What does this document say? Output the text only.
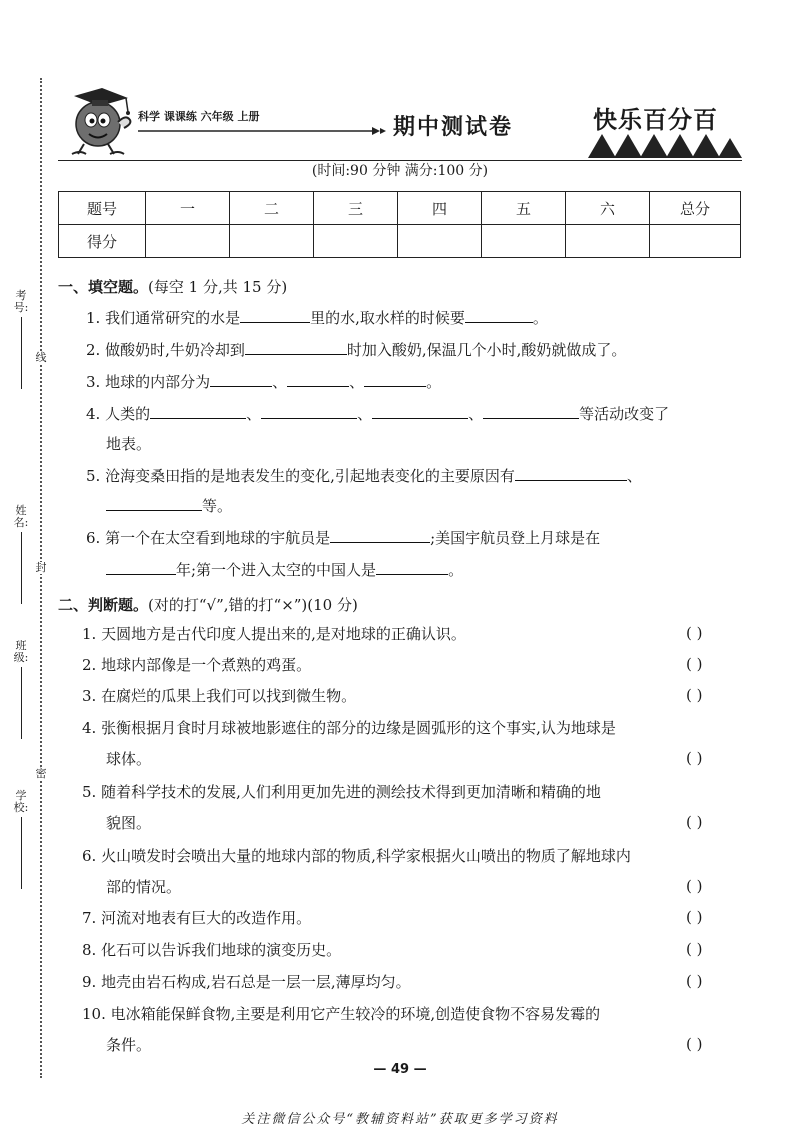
考号:
姓名:
班级:
学校:
线
封
密
科学 课课练 六年级 上册	期中测试卷	快乐百分百
(时间:90 分钟 满分:100 分)
题号	一	二	三	四	五	六	总分
得分							
一、填空题。(每空 1 分,共 15 分)
1. 我们通常研究的水是	里的水,取水样的时候要	。
2. 做酸奶时,牛奶冷却到	时加入酸奶,保温几个小时,酸奶就做成了。
3. 地球的内部分为	、	、	。
4. 人类的	、	、	、	等活动改变了
地表。
5. 沧海变桑田指的是地表发生的变化,引起地表变化的主要原因有	、
等。
6. 第一个在太空看到地球的宇航员是	;美国宇航员登上月球是在
年;第一个进入太空的中国人是	。
二、判断题。(对的打“√”,错的打“×”)(10 分)
1. 天圆地方是古代印度人提出来的,是对地球的正确认识。	( )
2. 地球内部像是一个煮熟的鸡蛋。	( )
3. 在腐烂的瓜果上我们可以找到微生物。	( )
4. 张衡根据月食时月球被地影遮住的部分的边缘是圆弧形的这个事实,认为地球是
球体。	( )
5. 随着科学技术的发展,人们利用更加先进的测绘技术得到更加清晰和精确的地
貌图。	( )
6. 火山喷发时会喷出大量的地球内部的物质,科学家根据火山喷出的物质了解地球内
部的情况。	( )
7. 河流对地表有巨大的改造作用。	( )
8. 化石可以告诉我们地球的演变历史。	( )
9. 地壳由岩石构成,岩石总是一层一层,薄厚均匀。	( )
10. 电冰箱能保鲜食物,主要是利用它产生较冷的环境,创造使食物不容易发霉的
条件。	( )
— 49 —
关注微信公众号“教辅资料站”获取更多学习资料
